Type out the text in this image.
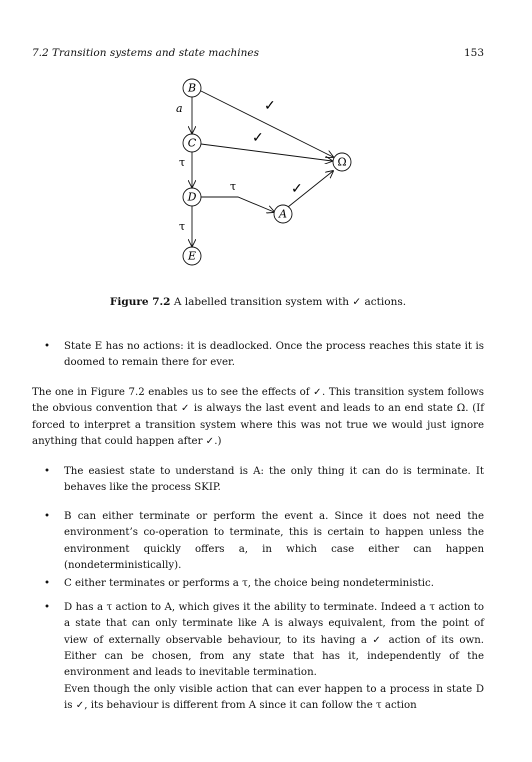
7.2 Transition systems and state machines	153
a
τ
τ
τ
✓
✓
✓
B
C
D
E
A
Ω
Figure 7.2 A labelled transition system with ✓ actions.
• State E has no actions: it is deadlocked. Once the process reaches this state it is doomed to remain there for ever.
The one in Figure 7.2 enables us to see the effects of ✓. This transition system follows the obvious convention that ✓ is always the last event and leads to an end state Ω. (If forced to interpret a transition system where this was not true we would just ignore anything that could happen after ✓.)
• The easiest state to understand is A: the only thing it can do is terminate. It behaves like the process SKIP.
• B can either terminate or perform the event a. Since it does not need the environment’s co-operation to terminate, this is certain to happen unless the environment quickly offers a, in which case either can happen (nondeterministically).
• C either terminates or performs a τ, the choice being nondeterministic.
• D has a τ action to A, which gives it the ability to terminate. Indeed a τ action to a state that can only terminate like A is always equivalent, from the point of view of externally observable behaviour, to its having a ✓ action of its own. Either can be chosen, from any state that has it, independently of the environment and leads to inevitable termination.
Even though the only visible action that can ever happen to a process in state D is ✓, its behaviour is different from A since it can follow the τ action
